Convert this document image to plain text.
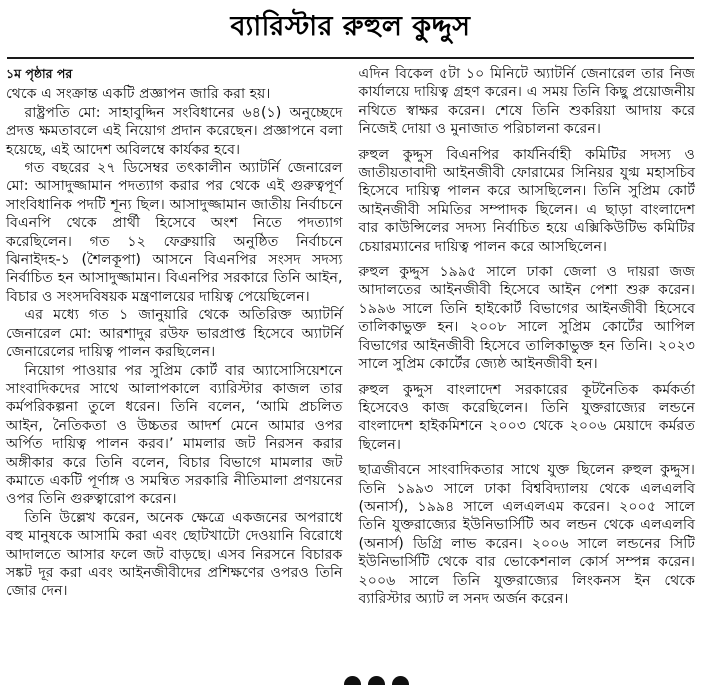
ব্যারিস্টার রুহুল কুদ্দুস
১ম পৃষ্ঠার পর

থেকে এ সংক্রান্ত একটি প্রজ্ঞাপন জারি করা হয়।

রাষ্ট্রপতি মো: সাহাবুদ্দিন সংবিধানের ৬৪(১) অনুচ্ছেদে প্রদত্ত ক্ষমতাবলে এই নিয়োগ প্রদান করেছেন। প্রজ্ঞাপনে বলা হয়েছে, এই আদেশ অবিলম্বে কার্যকর হবে।

গত বছরের ২৭ ডিসেম্বর তৎকালীন অ্যাটর্নি জেনারেল মো: আসাদুজ্জামান পদত্যাগ করার পর থেকে এই গুরুত্বপূর্ণ সাংবিধানিক পদটি শূন্য ছিল। আসাদুজ্জামান জাতীয় নির্বাচনে বিএনপি থেকে প্রার্থী হিসেবে অংশ নিতে পদত্যাগ করেছিলেন। গত ১২ ফেব্রুয়ারি অনুষ্ঠিত নির্বাচনে ঝিনাইদহ-১ (শৈলকূপা) আসনে বিএনপির সংসদ সদস্য নির্বাচিত হন আসাদুজ্জামান। বিএনপির সরকারে তিনি আইন, বিচার ও সংসদবিষয়ক মন্ত্রণালয়ের দায়িত্ব পেয়েছিলেন।

এর মধ্যে গত ১ জানুয়ারি থেকে অতিরিক্ত অ্যাটর্নি জেনারেল মো: আরশাদুর রউফ ভারপ্রাপ্ত হিসেবে অ্যাটর্নি জেনারেলের দায়িত্ব পালন করছিলেন।

নিয়োগ পাওয়ার পর সুপ্রিম কোর্ট বার অ্যাসোসিয়েশনে সাংবাদিকদের সাথে আলাপকালে ব্যারিস্টার কাজল তার কর্মপরিকল্পনা তুলে ধরেন। তিনি বলেন, ‘আমি প্রচলিত আইন, নৈতিকতা ও উচ্চতর আদর্শ মেনে আমার ওপর অর্পিত দায়িত্ব পালন করব।’ মামলার জট নিরসন করার অঙ্গীকার করে তিনি বলেন, বিচার বিভাগে মামলার জট কমাতে একটি পূর্ণাঙ্গ ও সমন্বিত সরকারি নীতিমালা প্রণয়নের ওপর তিনি গুরুত্বারোপ করেন।

তিনি উল্লেখ করেন, অনেক ক্ষেত্রে একজনের অপরাধে বহু মানুষকে আসামি করা এবং ছোটখাটো দেওয়ানি বিরোধে আদালতে আসার ফলে জট বাড়ছে। এসব নিরসনে বিচারক সঙ্কট দূর করা এবং আইনজীবীদের প্রশিক্ষণের ওপরও তিনি জোর দেন।

এদিন বিকেল ৫টা ১০ মিনিটে অ্যাটর্নি জেনারেল তার নিজ কার্যালয়ে দায়িত্ব গ্রহণ করেন। এ সময় তিনি কিছু প্রয়োজনীয় নথিতে স্বাক্ষর করেন। শেষে তিনি শুকরিয়া আদায় করে নিজেই দোয়া ও মুনাজাত পরিচালনা করেন।

রুহুল কুদ্দুস বিএনপির কার্যনির্বাহী কমিটির সদস্য ও জাতীয়তাবাদী আইনজীবী ফোরামের সিনিয়র যুগ্ম মহাসচিব হিসেবে দায়িত্ব পালন করে আসছিলেন। তিনি সুপ্রিম কোর্ট আইনজীবী সমিতির সম্পাদক ছিলেন। এ ছাড়া বাংলাদেশ বার কাউন্সিলের সদস্য নির্বাচিত হয়ে এক্সিকিউটিভ কমিটির চেয়ারম্যানের দায়িত্ব পালন করে আসছিলেন।

রুহুল কুদ্দুস ১৯৯৫ সালে ঢাকা জেলা ও দায়রা জজ আদালতের আইনজীবী হিসেবে আইন পেশা শুরু করেন। ১৯৯৬ সালে তিনি হাইকোর্ট বিভাগের আইনজীবী হিসেবে তালিকাভুক্ত হন। ২০০৮ সালে সুপ্রিম কোর্টের আপিল বিভাগের আইনজীবী হিসেবে তালিকাভুক্ত হন তিনি। ২০২৩ সালে সুপ্রিম কোর্টের জ্যেষ্ঠ আইনজীবী হন।

রুহুল কুদ্দুস বাংলাদেশ সরকারের কূটনৈতিক কর্মকর্তা হিসেবেও কাজ করেছিলেন। তিনি যুক্তরাজ্যের লন্ডনে বাংলাদেশ হাইকমিশনে ২০০৩ থেকে ২০০৬ মেয়াদে কর্মরত ছিলেন।

ছাত্রজীবনে সাংবাদিকতার সাথে যুক্ত ছিলেন রুহুল কুদ্দুস। তিনি ১৯৯৩ সালে ঢাকা বিশ্ববিদ্যালয় থেকে এলএলবি (অনার্স), ১৯৯৪ সালে এলএলএম করেন। ২০০৫ সালে তিনি যুক্তরাজ্যের ইউনিভার্সিটি অব লন্ডন থেকে এলএলবি (অনার্স) ডিগ্রি লাভ করেন। ২০০৬ সালে লন্ডনের সিটি ইউনিভার্সিটি থেকে বার ভোকেশনাল কোর্স সম্পন্ন করেন। ২০০৬ সালে তিনি যুক্তরাজ্যের লিংকনস ইন থেকে ব্যারিস্টার অ্যাট ল সনদ অর্জন করেন।
